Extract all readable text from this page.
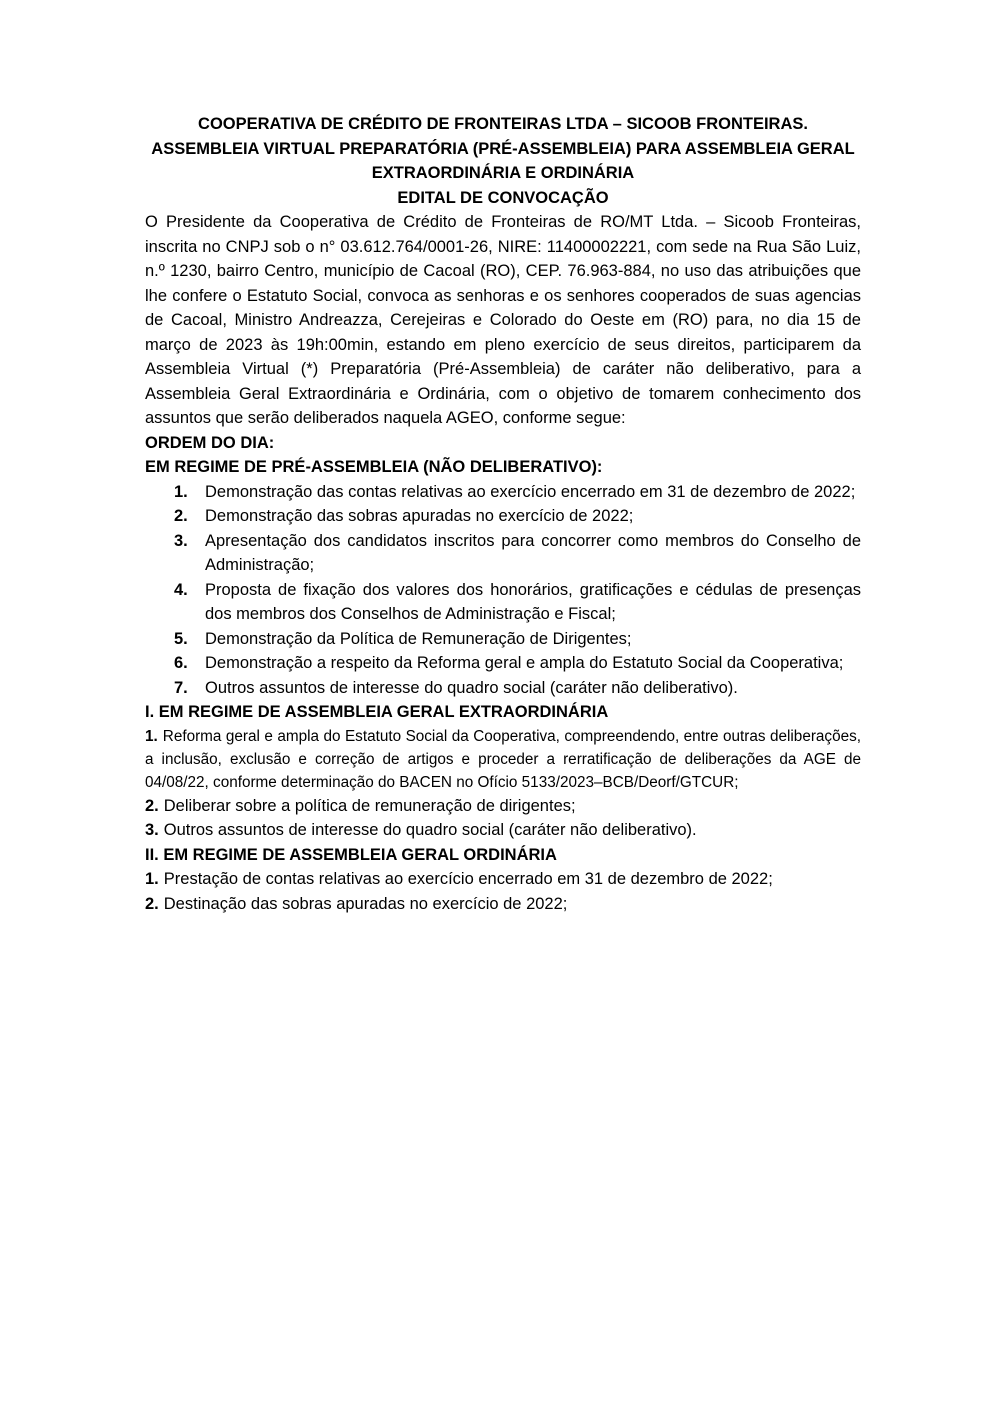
COOPERATIVA DE CRÉDITO DE FRONTEIRAS LTDA – SICOOB FRONTEIRAS.
ASSEMBLEIA VIRTUAL PREPARATÓRIA (PRÉ-ASSEMBLEIA) PARA ASSEMBLEIA GERAL EXTRAORDINÁRIA E ORDINÁRIA
EDITAL DE CONVOCAÇÃO

O Presidente da Cooperativa de Crédito de Fronteiras de RO/MT Ltda. – Sicoob Fronteiras, inscrita no CNPJ sob o n° 03.612.764/0001-26, NIRE: 11400002221, com sede na Rua São Luiz, n.º 1230, bairro Centro, município de Cacoal (RO), CEP. 76.963-884, no uso das atribuições que lhe confere o Estatuto Social, convoca as senhoras e os senhores cooperados de suas agencias de Cacoal, Ministro Andreazza, Cerejeiras e Colorado do Oeste em (RO) para, no dia 15 de março de 2023 às 19h:00min, estando em pleno exercício de seus direitos, participarem da Assembleia Virtual (*) Preparatória (Pré-Assembleia) de caráter não deliberativo, para a Assembleia Geral Extraordinária e Ordinária, com o objetivo de tomarem conhecimento dos assuntos que serão deliberados naquela AGEO, conforme segue:

ORDEM DO DIA:
EM REGIME DE PRÉ-ASSEMBLEIA (NÃO DELIBERATIVO):
1.	Demonstração das contas relativas ao exercício encerrado em 31 de dezembro de 2022;
2.	Demonstração das sobras apuradas no exercício de 2022;
3.	Apresentação dos candidatos inscritos para concorrer como membros do Conselho de Administração;
4.	Proposta de fixação dos valores dos honorários, gratificações e cédulas de presenças dos membros dos Conselhos de Administração e Fiscal;
5.	Demonstração da Política de Remuneração de Dirigentes;
6.	Demonstração a respeito da Reforma geral e ampla do Estatuto Social da Cooperativa;
7.	Outros assuntos de interesse do quadro social (caráter não deliberativo).
I. EM REGIME DE ASSEMBLEIA GERAL EXTRAORDINÁRIA

1. Reforma geral e ampla do Estatuto Social da Cooperativa, compreendendo, entre outras deliberações, a inclusão, exclusão e correção de artigos e proceder a rerratificação de deliberações da AGE de 04/08/22, conforme determinação do BACEN no Ofício 5133/2023–BCB/Deorf/GTCUR;

2. Deliberar sobre a política de remuneração de dirigentes;

3. Outros assuntos de interesse do quadro social (caráter não deliberativo).

II. EM REGIME DE ASSEMBLEIA GERAL ORDINÁRIA

1. Prestação de contas relativas ao exercício encerrado em 31 de dezembro de 2022;

2. Destinação das sobras apuradas no exercício de 2022;
